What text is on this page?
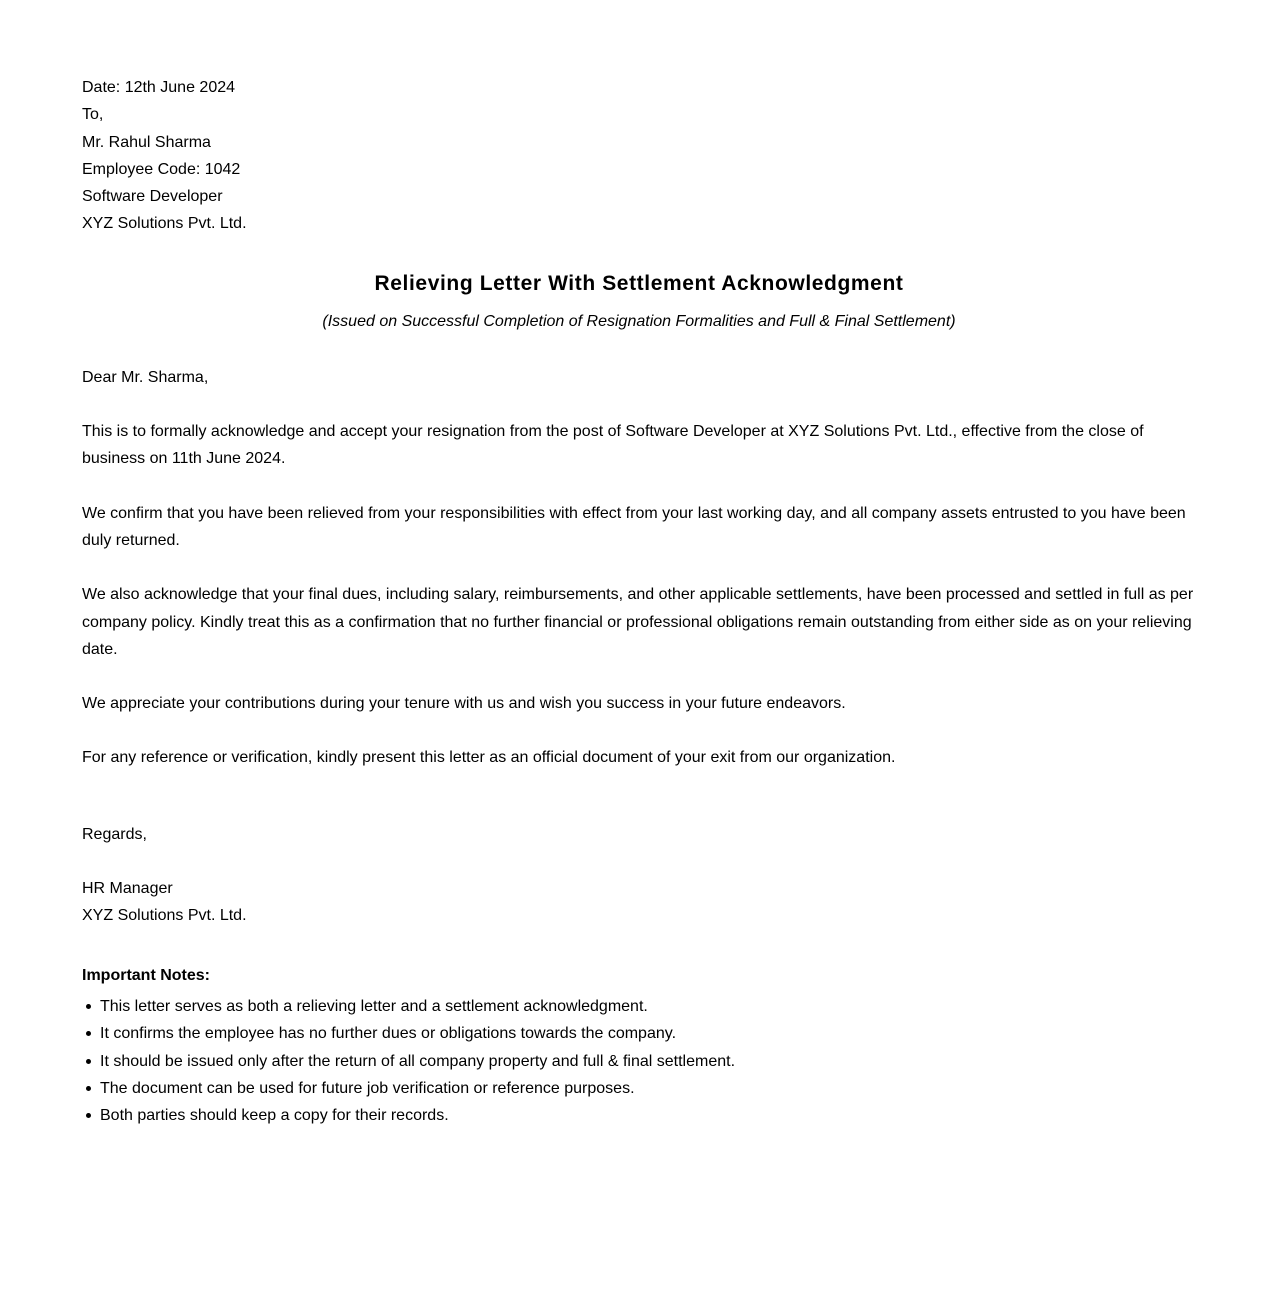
Date: 12th June 2024

To,

Mr. Rahul Sharma

Employee Code: 1042

Software Developer

XYZ Solutions Pvt. Ltd.

Relieving Letter With Settlement Acknowledgment

(Issued on Successful Completion of Resignation Formalities and Full & Final Settlement)

Dear Mr. Sharma,

This is to formally acknowledge and accept your resignation from the post of Software Developer at XYZ Solutions Pvt. Ltd., effective from the close of business on 11th June 2024.

We confirm that you have been relieved from your responsibilities with effect from your last working day, and all company assets entrusted to you have been duly returned.

We also acknowledge that your final dues, including salary, reimbursements, and other applicable settlements, have been processed and settled in full as per company policy. Kindly treat this as a confirmation that no further financial or professional obligations remain outstanding from either side as on your relieving date.

We appreciate your contributions during your tenure with us and wish you success in your future endeavors.

For any reference or verification, kindly present this letter as an official document of your exit from our organization.

Regards,

HR Manager

XYZ Solutions Pvt. Ltd.

Important Notes:

This letter serves as both a relieving letter and a settlement acknowledgment.
It confirms the employee has no further dues or obligations towards the company.
It should be issued only after the return of all company property and full & final settlement.
The document can be used for future job verification or reference purposes.
Both parties should keep a copy for their records.
